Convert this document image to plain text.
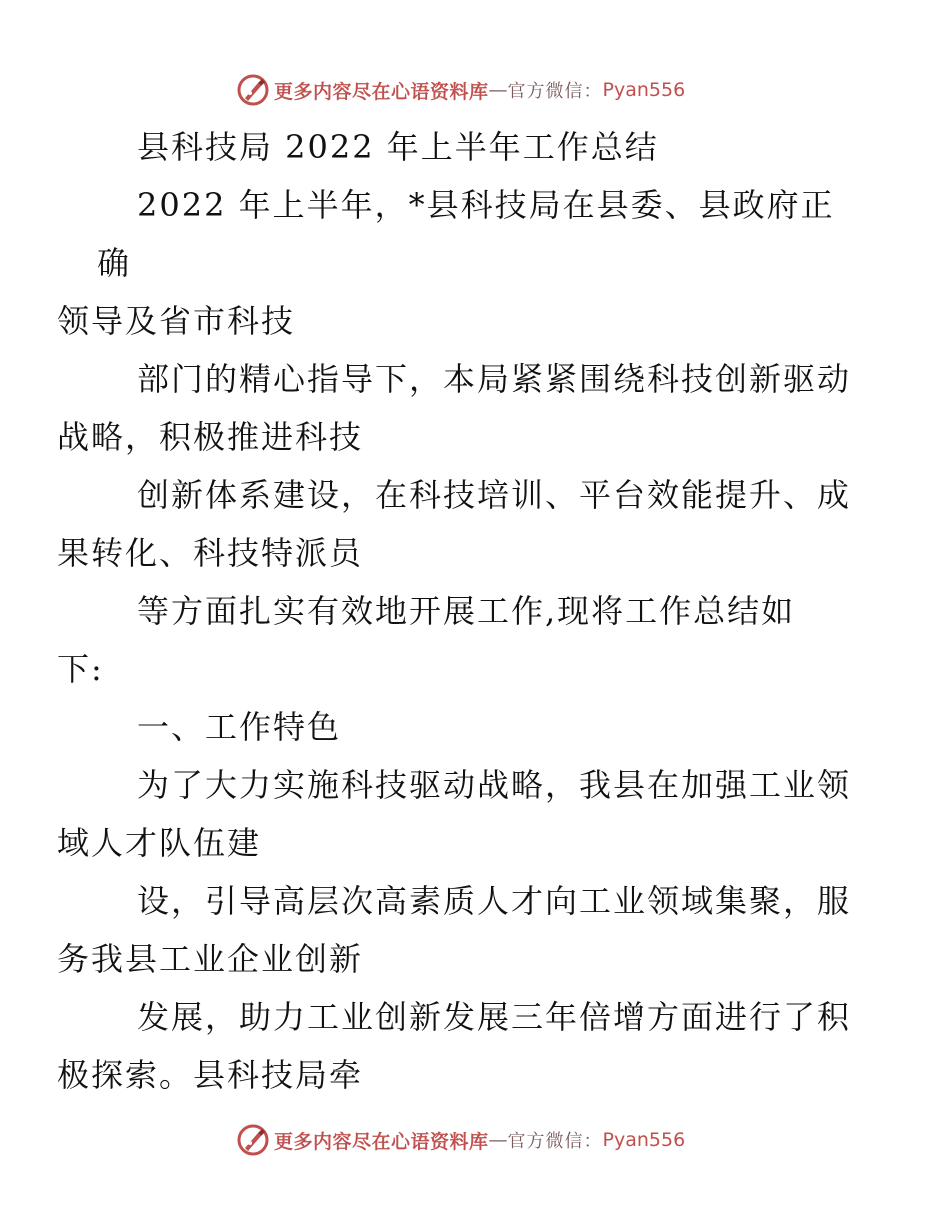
更多内容尽在心语资料库 — 官方微信： Pyan556

县科技局 2022 年上半年工作总结

2022 年上半年，*县科技局在县委、县政府正确
领导及省市科技

部门的精心指导下，本局紧紧围绕科技创新驱动
战略，积极推进科技

创新体系建设，在科技培训、平台效能提升、成
果转化、科技特派员

等方面扎实有效地开展工作,现将工作总结如
下:

一、工作特色

为了大力实施科技驱动战略，我县在加强工业领
域人才队伍建

设，引导高层次高素质人才向工业领域集聚，服
务我县工业企业创新

发展，助力工业创新发展三年倍增方面进行了积
极探索。县科技局牵

更多内容尽在心语资料库 — 官方微信： Pyan556
